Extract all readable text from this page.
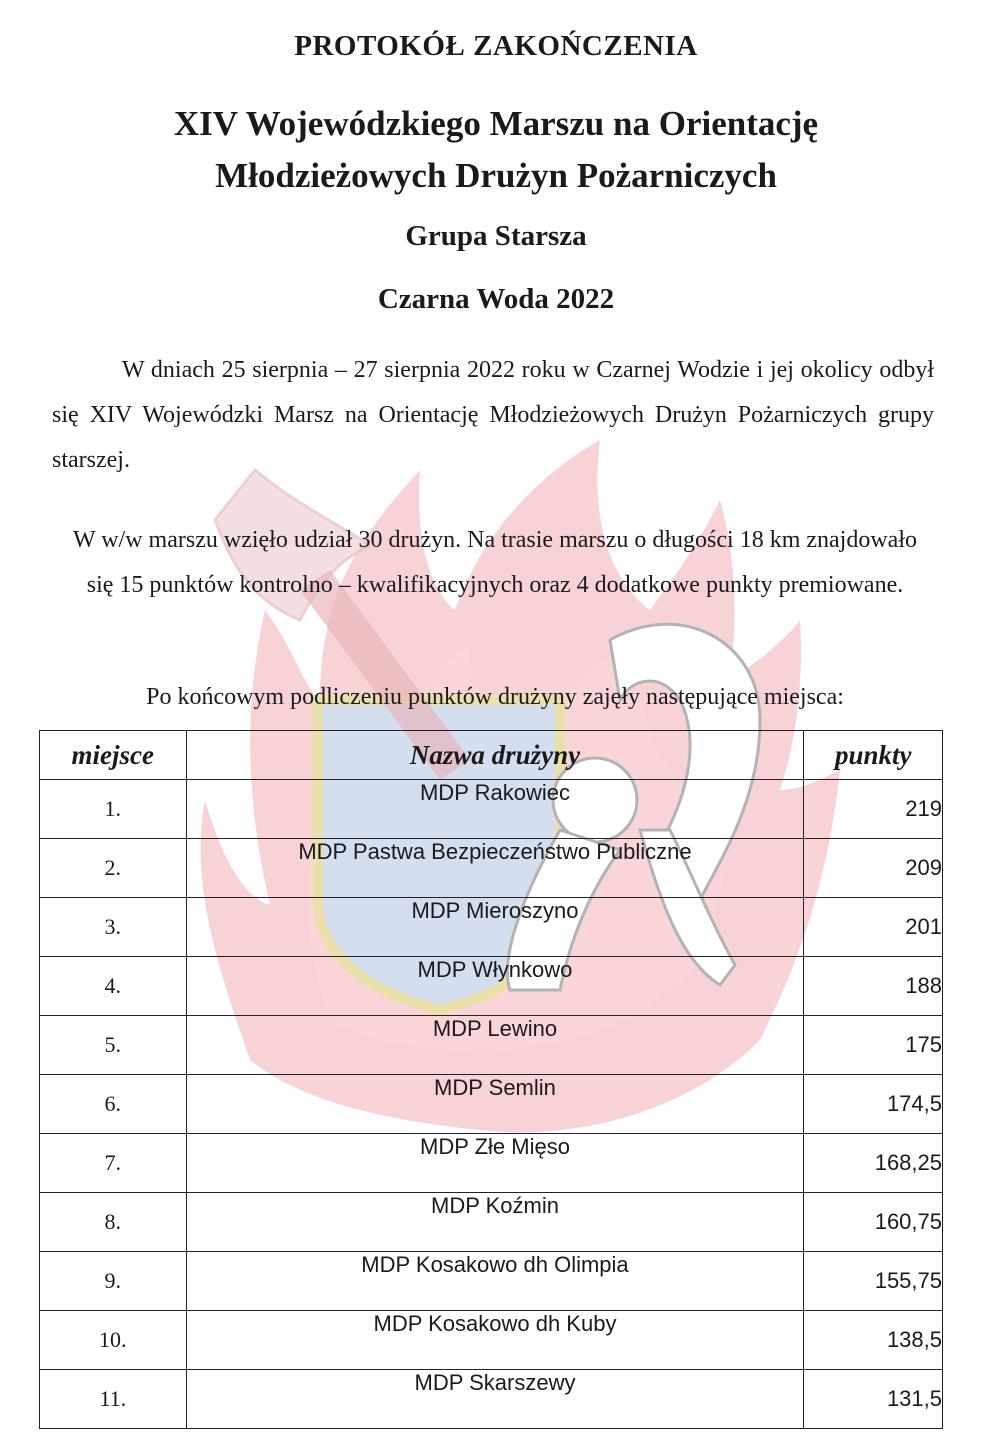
PROTOKÓŁ ZAKOŃCZENIA
XIV Wojewódzkiego Marszu na Orientację
Młodzieżowych Drużyn Pożarniczych
Grupa Starsza
Czarna Woda 2022
W dniach 25 sierpnia – 27 sierpnia 2022 roku w Czarnej Wodzie i jej okolicy odbył się XIV Wojewódzki Marsz na Orientację Młodzieżowych Drużyn Pożarniczych grupy starszej.
W w/w marszu wzięło udział 30 drużyn. Na trasie marszu o długości 18 km znajdowało się 15 punktów kontrolno – kwalifikacyjnych oraz 4 dodatkowe punkty premiowane.
Po końcowym podliczeniu punktów drużyny zajęły następujące miejsca:
miejsce	Nazwa drużyny	punkty
1.	MDP Rakowiec	219
2.	MDP Pastwa Bezpieczeństwo Publiczne	209
3.	MDP Mieroszyno	201
4.	MDP Włynkowo	188
5.	MDP Lewino	175
6.	MDP Semlin	174,5
7.	MDP Złe Mięso	168,25
8.	MDP Koźmin	160,75
9.	MDP Kosakowo dh Olimpia	155,75
10.	MDP Kosakowo dh Kuby	138,5
11.	MDP Skarszewy	131,5
